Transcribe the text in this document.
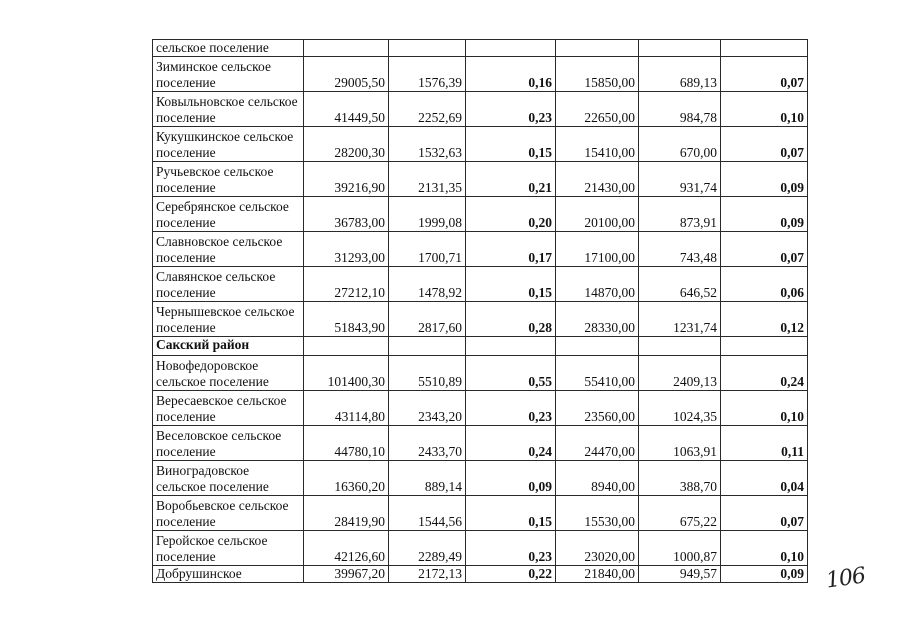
сельское поселение						
Зиминское сельское поселение	29005,50	1576,39	0,16	15850,00	689,13	0,07
Ковыльновское сельское поселение	41449,50	2252,69	0,23	22650,00	984,78	0,10
Кукушкинское сельское поселение	28200,30	1532,63	0,15	15410,00	670,00	0,07
Ручьевское сельское поселение	39216,90	2131,35	0,21	21430,00	931,74	0,09
Серебрянское сельское поселение	36783,00	1999,08	0,20	20100,00	873,91	0,09
Славновское сельское поселение	31293,00	1700,71	0,17	17100,00	743,48	0,07
Славянское сельское поселение	27212,10	1478,92	0,15	14870,00	646,52	0,06
Чернышевское сельское поселение	51843,90	2817,60	0,28	28330,00	1231,74	0,12
Сакский район						
Новофедоровское сельское поселение	101400,30	5510,89	0,55	55410,00	2409,13	0,24
Вересаевское сельское поселение	43114,80	2343,20	0,23	23560,00	1024,35	0,10
Веселовское сельское поселение	44780,10	2433,70	0,24	24470,00	1063,91	0,11
Виноградовское сельское поселение	16360,20	889,14	0,09	8940,00	388,70	0,04
Воробьевское сельское поселение	28419,90	1544,56	0,15	15530,00	675,22	0,07
Геройское сельское поселение	42126,60	2289,49	0,23	23020,00	1000,87	0,10
Добрушинское	39967,20	2172,13	0,22	21840,00	949,57	0,09 106
